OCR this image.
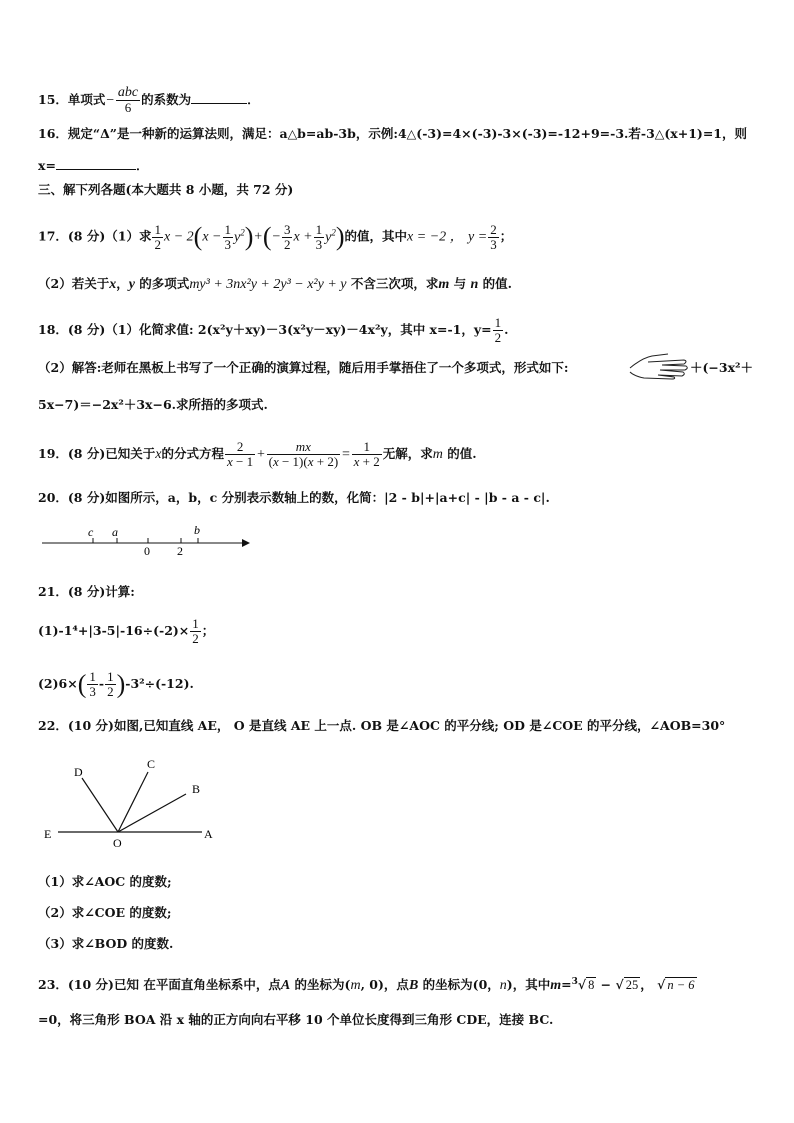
15．单项式− $\frac{\text{abc}}{6}$ 的系数为	．
16．规定“Δ”是一种新的运算法则，满足：a△b=ab-3b，示例:4△(-3)=4×(-3)-3×(-3)=-12+9=-3.若-3△(x+1)=1，则
x=	．
三、解下列各题(本大题共 8 小题，共 72 分)
17．(8 分)（1）求 $\frac{1}{2}$ $x - 2(x - \frac{1}{3} y^2)+(- \frac{3}{2}$ $x + \frac{1}{3} y^2$)的值，其中x = −2 ， $y = \frac{2}{3}$ ；
（2）若关于x，y 的多项式my³ + 3nx²y + 2y³ − x²y + y 不含三次项，求m 与 n 的值.
18．(8 分)（1）化简求值: 2(x²y＋xy)－3(x²y－xy)－4x²y，其中 x=-1，$y= \frac{1}{2}$ .
（2）解答:老师在黑板上书写了一个正确的演算过程，随后用手掌捂住了一个多项式，形式如下:	＋(−3x²＋
5x−7)＝−2x²＋3x−6.求所捂的多项式.
19．(8 分)已知关于x的分式方程 $\frac{2}{x - 1} + \frac{mx}{(x - 1)(x + 2)} = \frac{1}{x + 2}$ 无解，求m 的值.
20．(8 分)如图所示，a，b，c 分别表示数轴上的数，化简：|2 - b|+|a+c| - |b - a - c|.
c a
0 2
b
21．(8 分)计算:
$(1)-1^4+|3-5|-16\div(-2)\times \frac{1}{2}$ ；
$(2)6\times( \frac{1}{3} - \frac{1}{2} )-3^2\div(-12)$.
22．(10 分)如图,已知直线 AE， O 是直线 AE 上一点. OB 是∠AOC 的平分线; OD 是∠COE 的平分线，∠AOB=30°
D
C
B
E
O
A
（1）求∠AOC 的度数;
（2）求∠COE 的度数;
（3）求∠BOD 的度数.
23．(10 分)已知 在平面直角坐标系中，点A 的坐标为(m, 0)，点B 的坐标为(0，n)，其中m=$^3$√ 8 − √ 25 ， √ n − 6
=0，将三角形 BOA 沿 x 轴的正方向向右平移 10 个单位长度得到三角形 CDE，连接 BC.
